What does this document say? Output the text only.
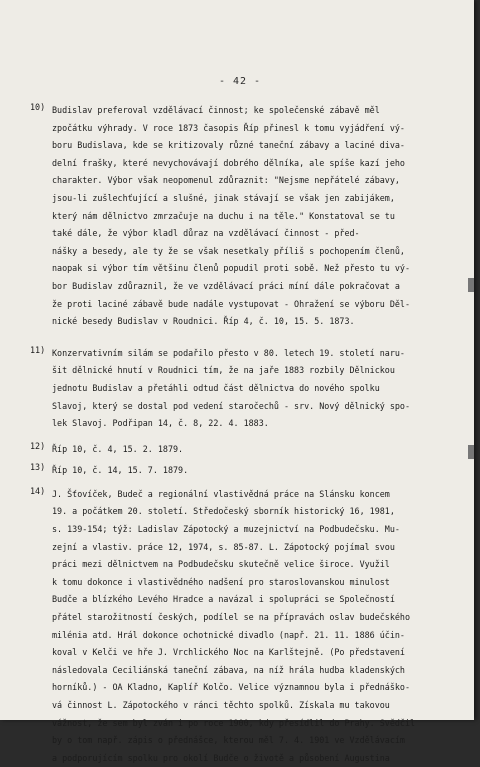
- 42 -
10) Budislav preferoval vzdělávací činnost; ke společenské zábavě měl
zpočátku výhrady. V roce 1873 časopis Říp přinesl k tomu vyjádření vý-
boru Budislava, kde se kritizovaly různé taneční zábavy a laciné diva-
delní frašky, které nevychovávají dobrého dělníka, ale spíše kazí jeho
charakter. Výbor však neopomenul zdůraznit: "Nejsme nepřátelé zábavy,
jsou-li zušlechťující a slušné, jinak stávají se však jen zabijákem,
který nám dělnictvo zmrzačuje na duchu i na těle." Konstatoval se tu
také dále, že výbor kladl důraz na vzdělávací činnost - před-
nášky a besedy, ale ty že se však nesetkaly příliš s pochopením členů,
naopak si výbor tím většinu členů popudil proti sobě. Než přesto tu vý-
bor Budislav zdůraznil, že ve vzdělávací práci míní dále pokračovat a
že proti laciné zábavě bude nadále vystupovat - Ohražení se výboru Děl-
nické besedy Budislav v Roudnici. Říp 4, č. 10, 15. 5. 1873.
11) Konzervativním silám se podařilo přesto v 80. letech 19. století naru-
šit dělnické hnutí v Roudnici tím, že na jaře 1883 rozbily Dělnickou
jednotu Budislav a přetáhli odtud část dělnictva do nového spolku
Slavoj, který se dostal pod vedení staročechů - srv. Nový dělnický spo-
lek Slavoj. Podřipan 14, č. 8, 22. 4. 1883.
12) Říp 10, č. 4, 15. 2. 1879.
13) Říp 10, č. 14, 15. 7. 1879.
14) J. Šťovíček, Budeč a regionální vlastivědná práce na Slánsku koncem
19. a počátkem 20. století. Středočeský sborník historický 16, 1981,
s. 139-154; týž: Ladislav Zápotocký a muzejnictví na Podbudečsku. Mu-
zejní a vlastiv. práce 12, 1974, s. 85-87. L. Zápotocký pojímal svou
práci mezi dělnictvem na Podbudečsku skutečně velice široce. Využil
k tomu dokonce i vlastivědného nadšení pro staroslovanskou minulost
Budče a blízkého Levého Hradce a navázal i spolupráci se Společností
přátel starožitností českých, podílel se na přípravách oslav budečského
milénia atd. Hrál dokonce ochotnické divadlo (např. 21. 11. 1886 účin-
koval v Kelči ve hře J. Vrchlického Noc na Karlštejně. (Po představení
následovala Ceciliánská taneční zábava, na níž hrála hudba kladenských
horníků.) - OA Kladno, Kaplíř Kolčo. Velice významnou byla i přednáško-
vá činnost L. Zápotockého v ránci těchto spolků. Získala mu takovou
vážnost, že sem byl zván i po roce 1900, kdy přesídlil do Prahy. Svědčil
by o tom např. zápis o přednášce, kterou měl 7. 4. 1901 ve Vzdělávacím
a podporujícím spolku pro okolí Budče o životě a působení Augustina
